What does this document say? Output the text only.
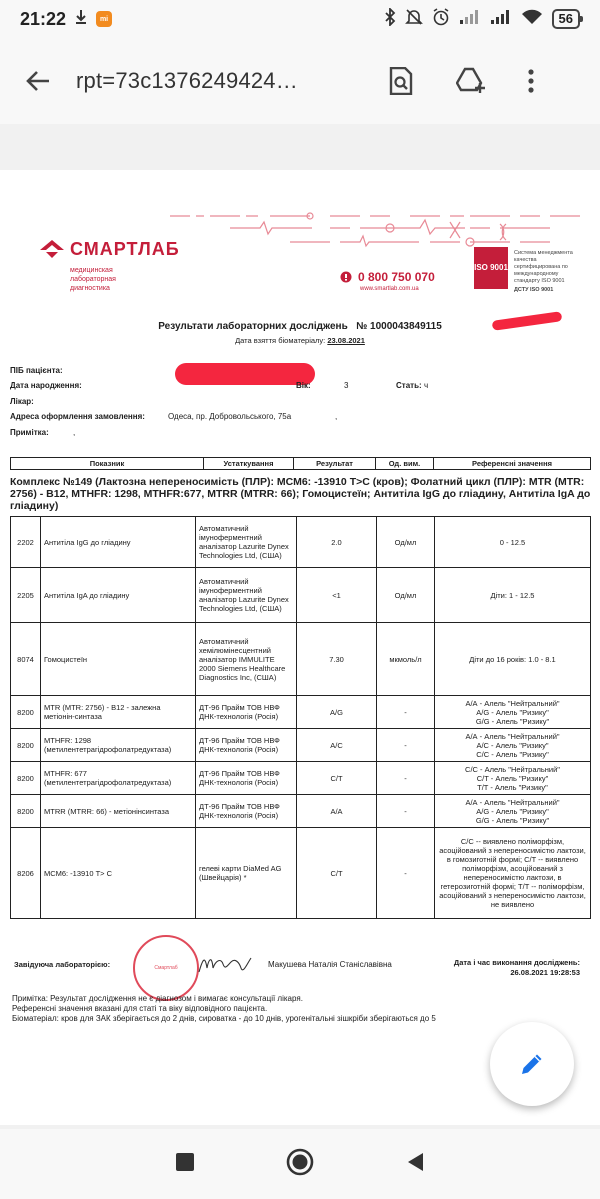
21:22	mi	56
rpt=73c1376249424…
СМАРТЛАБ
медицинская лабораторная диагностика
0 800 750 070
www.smartlab.com.ua
ISO 9001
Система менеджмента качества сертифицирована по международному стандарту ISO 9001
ДСТУ ISO 9001
Результати лабораторних досліджень № 1000043849115
Дата взяття біоматеріалу: 23.08.2021
ПІБ пацієнта:
Дата народження:	Вік:	3	Стать: ч
Лікар:
Адреса оформлення замовлення:	Одеса, пр. Добровольського, 75а	,
Примітка:	,
Показник	Устаткування	Результат	Од. вим.	Референсні значення
Комплекс №149 (Лактозна непереносимість (ПЛР): МСМ6: -13910 T>C (кров); Фолатний цикл (ПЛР): MTR (MTR: 2756) - B12, MTHFR: 1298, MTHFR:677, MTRR (MTRR: 66); Гомоцистеїн; Антитіла IgG до гліадину, Антитіла IgA до гліадину)
2202	Антитіла IgG до гліадину	Автоматичний імуноферментний аналізатор Lazurite Dynex Technologies Ltd, (США)	2.0	Од/мл	0 - 12.5
2205	Антитіла IgA до гліадину	Автоматичний імуноферментний аналізатор Lazurite Dynex Technologies Ltd, (США)	<1	Од/мл	Діти: 1 - 12.5
8074	Гомоцистеїн	Автоматичний хемілюмінесцентний аналізатор IMMULITE 2000 Siemens Healthcare Diagnostics Inc, (США)	7.30	мкмоль/л	Діти до 16 років: 1.0 - 8.1
8200	MTR (MTR: 2756) - B12 - залежна метіонін-синтаза	ДТ-96 Прайм ТОВ НВФ ДНК-технологія (Росія)	A/G	-	А/А - Алель "Нейтральний"
A/G - Алель "Ризику"
G/G - Алель "Ризику"
8200	MTHFR: 1298 (метилентетрагідрофолатредуктаза)	ДТ-96 Прайм ТОВ НВФ ДНК-технологія (Росія)	A/C	-	А/А - Алель "Нейтральний"
A/C - Алель "Ризику"
C/C - Алель "Ризику"
8200	MTHFR: 677 (метилентетрагідрофолатредуктаза)	ДТ-96 Прайм ТОВ НВФ ДНК-технологія (Росія)	C/T	-	C/C - Алель "Нейтральний"
C/T - Алель "Ризику"
T/T - Алель "Ризику"
8200	MTRR (MTRR: 66) - метіонінсинтаза	ДТ-96 Прайм ТОВ НВФ ДНК-технологія (Росія)	A/A	-	А/А - Алель "Нейтральний"
A/G - Алель "Ризику"
G/G - Алель "Ризику"
8206	МСМ6: -13910 T> C	гелеві карти DiaMed AG (Швейцарія) *	C/T	-	C/C -- виявлено поліморфізм, асоційований з непереносимістю лактози, в гомозиготній формі; C/T -- виявлено поліморфізм, асоційований з непереносимістю лактози, в гетерозиготній формі; T/T -- поліморфізм, асоційований з непереносимістю лактози, не виявлено
Завідуюча лабораторією:	Смартлаб	Макушева Наталія Станіславівна	Дата і час виконання досліджень:
26.08.2021 19:28:53
Примітка: Результат дослідження не є діагнозом і вимагає консультації лікаря.
Референсні значення вказані для статі та віку відповідного пацієнта.
Біоматеріал: кров для ЗАК зберігається до 2 днів, сироватка - до 10 днів, урогенітальні зішкріби зберігаються до 5
